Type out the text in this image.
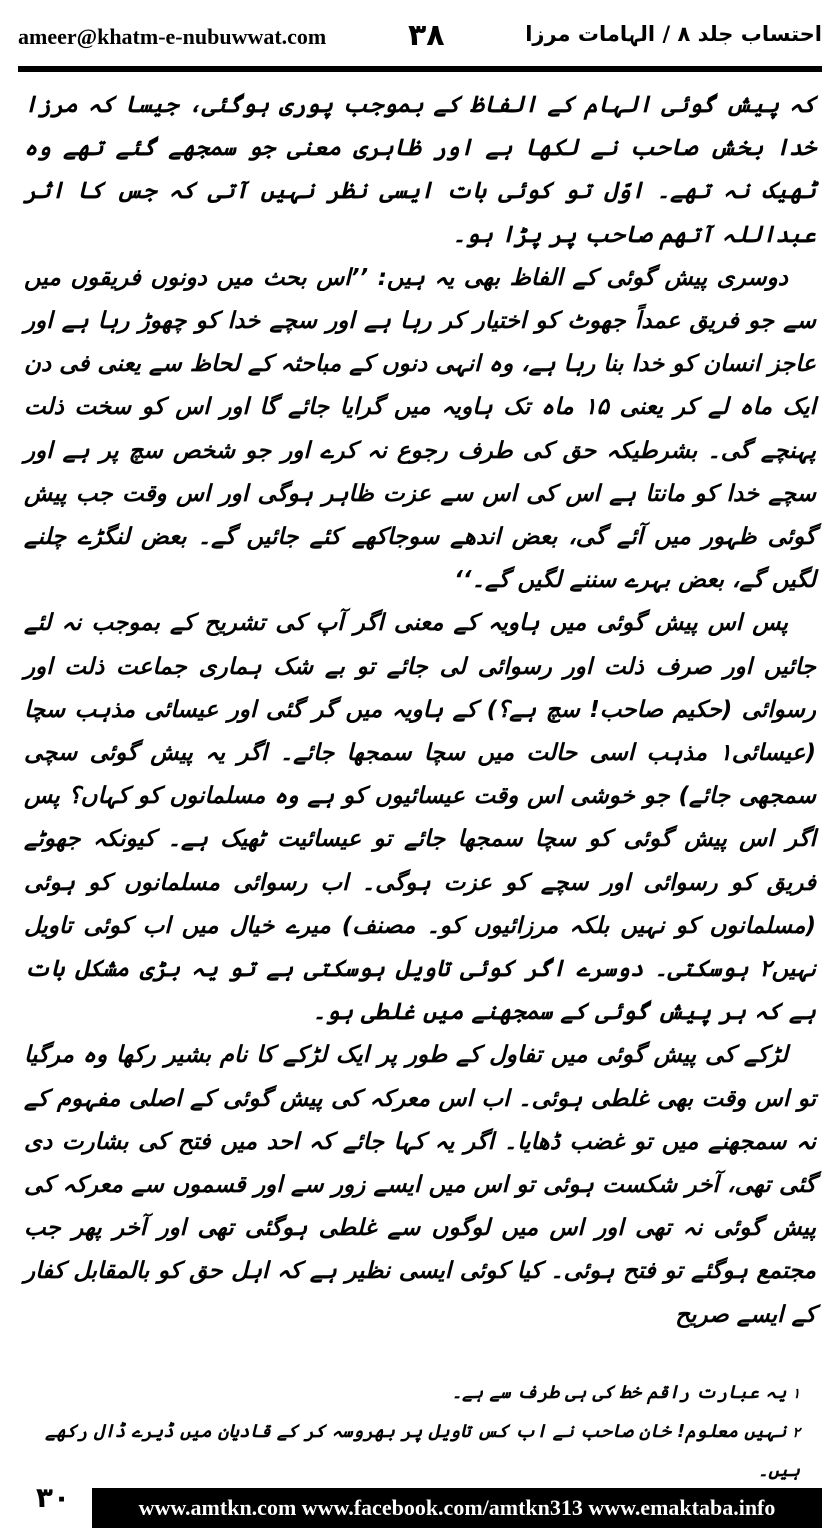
ameer@khatm-e-nubuwwat.com	۳۸	احتساب جلد ۸ / الہامات مرزا

کہ پیش گوئی الہام کے الفاظ کے بموجب پوری ہوگئی، جیسا کہ مرزا خدا بخش صاحب نے لکھا ہے اور ظاہری معنی جو سمجھے گئے تھے وہ ٹھیک نہ تھے۔ اوّل تو کوئی بات ایسی نظر نہیں آتی کہ جس کا اثر عبداللہ آتھم صاحب پر پڑا ہو۔

دوسری پیش گوئی کے الفاظ بھی یہ ہیں: ’’اس بحث میں دونوں فریقوں میں سے جو فریق عمداً جھوٹ کو اختیار کر رہا ہے اور سچے خدا کو چھوڑ رہا ہے اور عاجز انسان کو خدا بنا رہا ہے، وہ انہی دنوں کے مباحثہ کے لحاظ سے یعنی فی دن ایک ماہ لے کر یعنی ۱۵ ماہ تک ہاویہ میں گرایا جائے گا اور اس کو سخت ذلت پہنچے گی۔ بشرطیکہ حق کی طرف رجوع نہ کرے اور جو شخص سچ پر ہے اور سچے خدا کو مانتا ہے اس کی اس سے عزت ظاہر ہوگی اور اس وقت جب پیش گوئی ظہور میں آئے گی، بعض اندھے سوجاکھے کئے جائیں گے۔ بعض لنگڑے چلنے لگیں گے، بعض بہرے سننے لگیں گے۔‘‘

پس اس پیش گوئی میں ہاویہ کے معنی اگر آپ کی تشریح کے بموجب نہ لئے جائیں اور صرف ذلت اور رسوائی لی جائے تو بے شک ہماری جماعت ذلت اور رسوائی (حکیم صاحب! سچ ہے؟) کے ہاویہ میں گر گئی اور عیسائی مذہب سچا (عیسائی۱ مذہب اسی حالت میں سچا سمجھا جائے۔ اگر یہ پیش گوئی سچی سمجھی جائے) جو خوشی اس وقت عیسائیوں کو ہے وہ مسلمانوں کو کہاں؟ پس اگر اس پیش گوئی کو سچا سمجھا جائے تو عیسائیت ٹھیک ہے۔ کیونکہ جھوٹے فریق کو رسوائی اور سچے کو عزت ہوگی۔ اب رسوائی مسلمانوں کو ہوئی (مسلمانوں کو نہیں بلکہ مرزائیوں کو۔ مصنف) میرے خیال میں اب کوئی تاویل نہیں۲ ہوسکتی۔ دوسرے اگر کوئی تاویل ہوسکتی ہے تو یہ بڑی مشکل بات ہے کہ ہر پیش گوئی کے سمجھنے میں غلطی ہو۔

لڑکے کی پیش گوئی میں تفاول کے طور پر ایک لڑکے کا نام بشیر رکھا وہ مرگیا تو اس وقت بھی غلطی ہوئی۔ اب اس معرکہ کی پیش گوئی کے اصلی مفہوم کے نہ سمجھنے میں تو غضب ڈھایا۔ اگر یہ کہا جائے کہ احد میں فتح کی بشارت دی گئی تھی، آخر شکست ہوئی تو اس میں ایسے زور سے اور قسموں سے معرکہ کی پیش گوئی نہ تھی اور اس میں لوگوں سے غلطی ہوگئی تھی اور آخر پھر جب مجتمع ہوگئے تو فتح ہوئی۔ کیا کوئی ایسی نظیر ہے کہ اہل حق کو بالمقابل کفار کے ایسے صریح

۱یہ عبارت راقم خط کی ہی طرف سے ہے۔

۲نہیں معلوم! خان صاحب نے اب کس تاویل پر بھروسہ کر کے قادیان میں ڈیرے ڈال رکھے ہیں۔

۳۰	www.amtkn.com www.facebook.com/amtkn313 www.emaktaba.info
